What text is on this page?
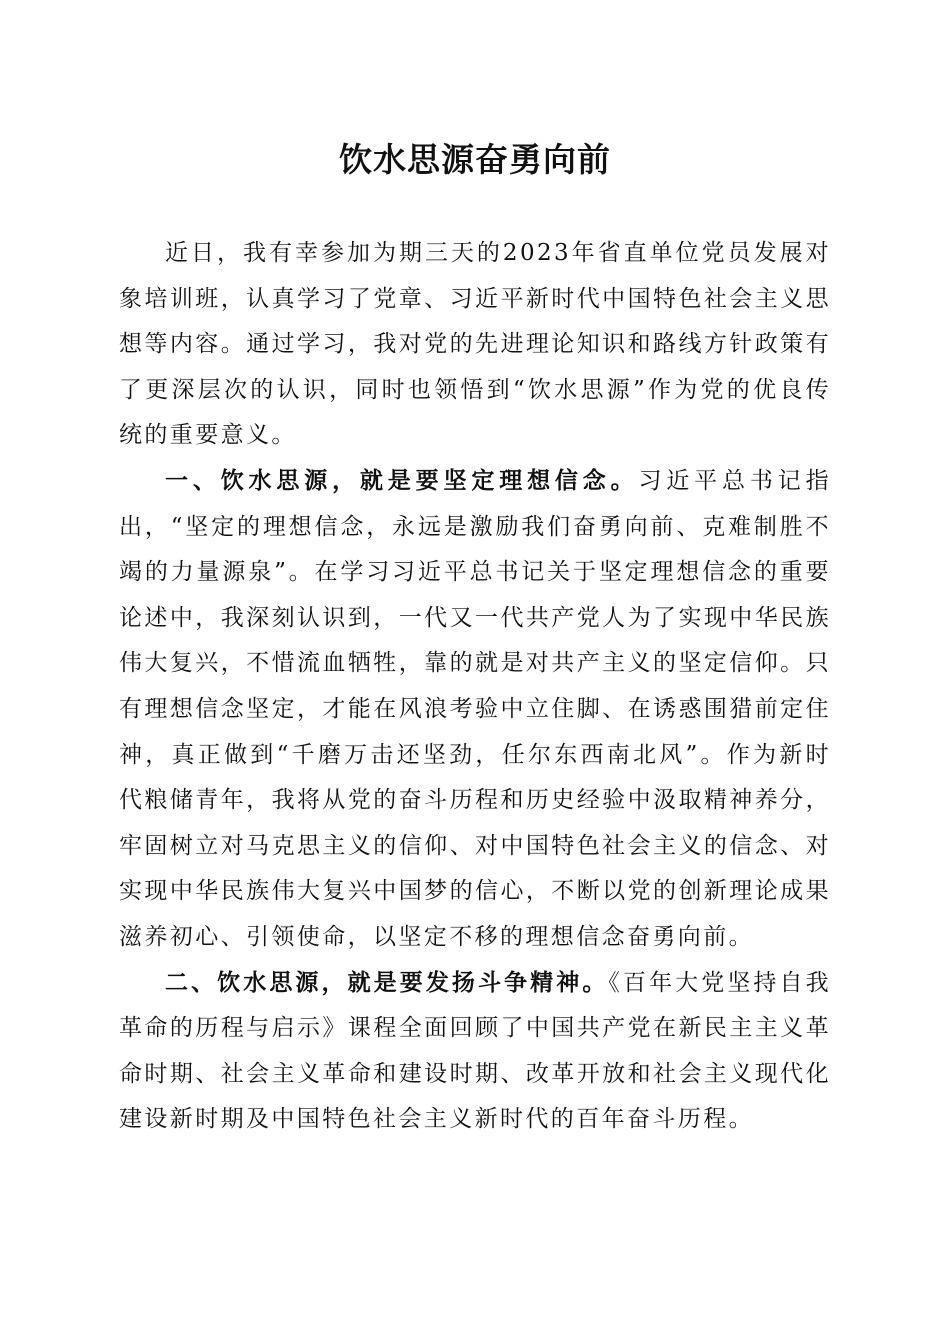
饮水思源奋勇向前

近日，我有幸参加为期三天的2023年省直单位党员发展对象培训班，认真学习了党章、习近平新时代中国特色社会主义思想等内容。通过学习，我对党的先进理论知识和路线方针政策有了更深层次的认识，同时也领悟到“饮水思源”作为党的优良传统的重要意义。

一、饮水思源，就是要坚定理想信念。习近平总书记指出，“坚定的理想信念，永远是激励我们奋勇向前、克难制胜不竭的力量源泉”。在学习习近平总书记关于坚定理想信念的重要论述中，我深刻认识到，一代又一代共产党人为了实现中华民族伟大复兴，不惜流血牺牲，靠的就是对共产主义的坚定信仰。只有理想信念坚定，才能在风浪考验中立住脚、在诱惑围猎前定住神，真正做到“千磨万击还坚劲，任尔东西南北风”。作为新时代粮储青年，我将从党的奋斗历程和历史经验中汲取精神养分，牢固树立对马克思主义的信仰、对中国特色社会主义的信念、对实现中华民族伟大复兴中国梦的信心，不断以党的创新理论成果滋养初心、引领使命，以坚定不移的理想信念奋勇向前。

二、饮水思源，就是要发扬斗争精神。《百年大党坚持自我革命的历程与启示》课程全面回顾了中国共产党在新民主主义革命时期、社会主义革命和建设时期、改革开放和社会主义现代化建设新时期及中国特色社会主义新时代的百年奋斗历程。
